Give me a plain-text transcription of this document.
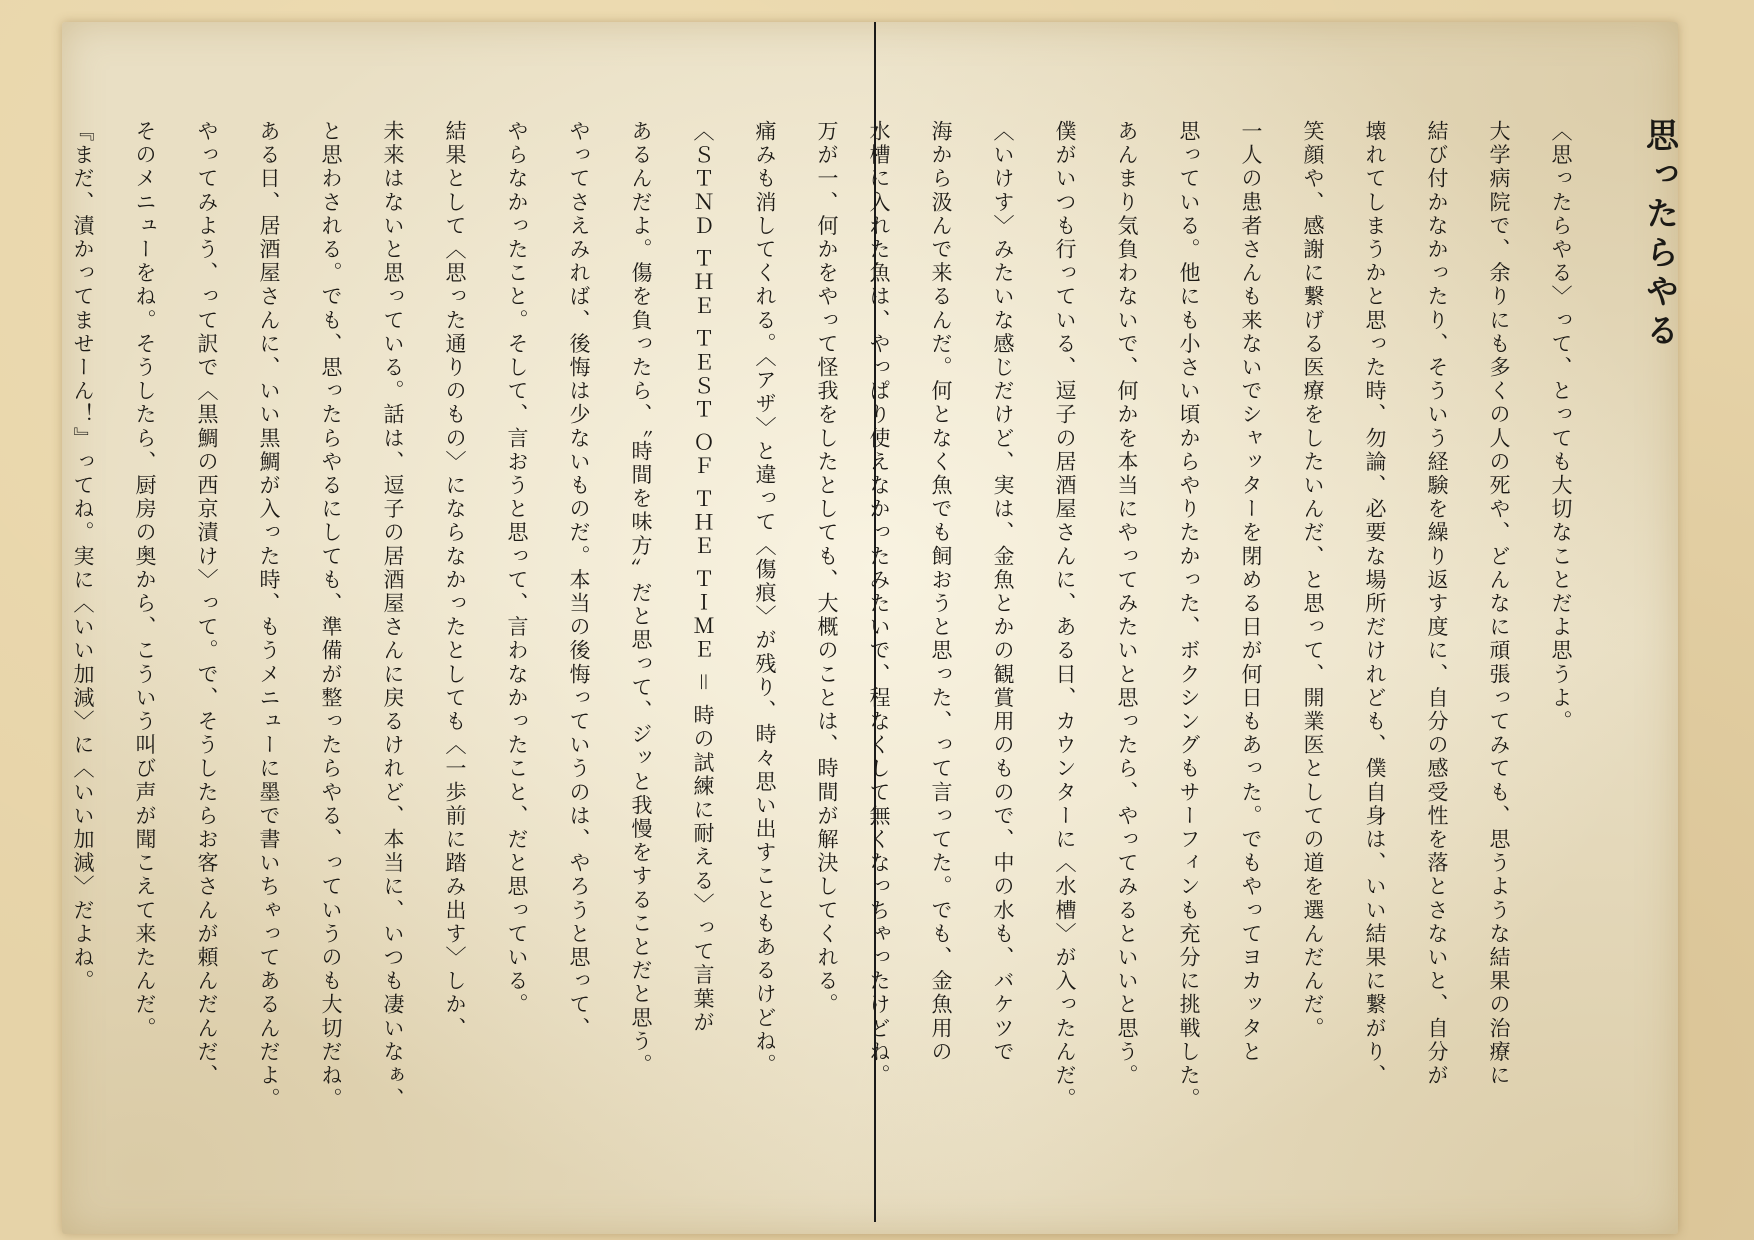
思ったらやる
〈思ったらやる〉って、とっても大切なことだよ思うよ。
大学病院で、余りにも多くの人の死や、どんなに頑張ってみても、思うような結果の治療に
結び付かなかったり、そういう経験を繰り返す度に、自分の感受性を落とさないと、自分が
壊れてしまうかと思った時、勿論、必要な場所だけれども、僕自身は、いい結果に繋がり、
笑顔や、感謝に繋げる医療をしたいんだ、と思って、開業医としての道を選んだんだ。
一人の患者さんも来ないでシャッターを閉める日が何日もあった。でもやってヨカッタと
思っている。他にも小さい頃からやりたかった、ボクシングもサーフィンも充分に挑戦した。
あんまり気負わないで、何かを本当にやってみたいと思ったら、やってみるといいと思う。
僕がいつも行っている、逗子の居酒屋さんに、ある日、カウンターに〈水槽〉が入ったんだ。
〈いけす〉みたいな感じだけど、実は、金魚とかの観賞用のもので、中の水も、バケツで
海から汲んで来るんだ。何となく魚でも飼おうと思った、って言ってた。でも、金魚用の
水槽に入れた魚は、やっぱり使えなかったみたいで、程なくして無くなっちゃったけどね。
万が一、何かをやって怪我をしたとしても、大概のことは、時間が解決してくれる。
痛みも消してくれる。〈アザ〉と違って〈傷痕〉が残り、時々思い出すこともあるけどね。
〈ＳＴＮＤ ＴＨＥ ＴＥＳＴ ＯＦ ＴＨＥ ＴＩＭＥ ＝ 時の試練に耐える〉って言葉が
あるんだよ。傷を負ったら、〝時間を味方〟だと思って、ジッと我慢をすることだと思う。
やってさえみれば、後悔は少ないものだ。本当の後悔っていうのは、やろうと思って、
やらなかったこと。そして、言おうと思って、言わなかったこと、だと思っている。
結果として〈思った通りのもの〉にならなかったとしても〈一歩前に踏み出す〉しか、
未来はないと思っている。話は、逗子の居酒屋さんに戻るけれど、本当に、いつも凄いなぁ、
と思わされる。でも、思ったらやるにしても、準備が整ったらやる、っていうのも大切だね。
ある日、居酒屋さんに、いい黒鯛が入った時、もうメニューに墨で書いちゃってあるんだよ。
やってみよう、って訳で〈黒鯛の西京漬け〉って。で、そうしたらお客さんが頼んだんだ、
そのメニューをね。そうしたら、厨房の奥から、こういう叫び声が聞こえて来たんだ。
『まだ、漬かってませーん！』ってね。実に〈いい加減〉に〈いい加減〉だよね。
